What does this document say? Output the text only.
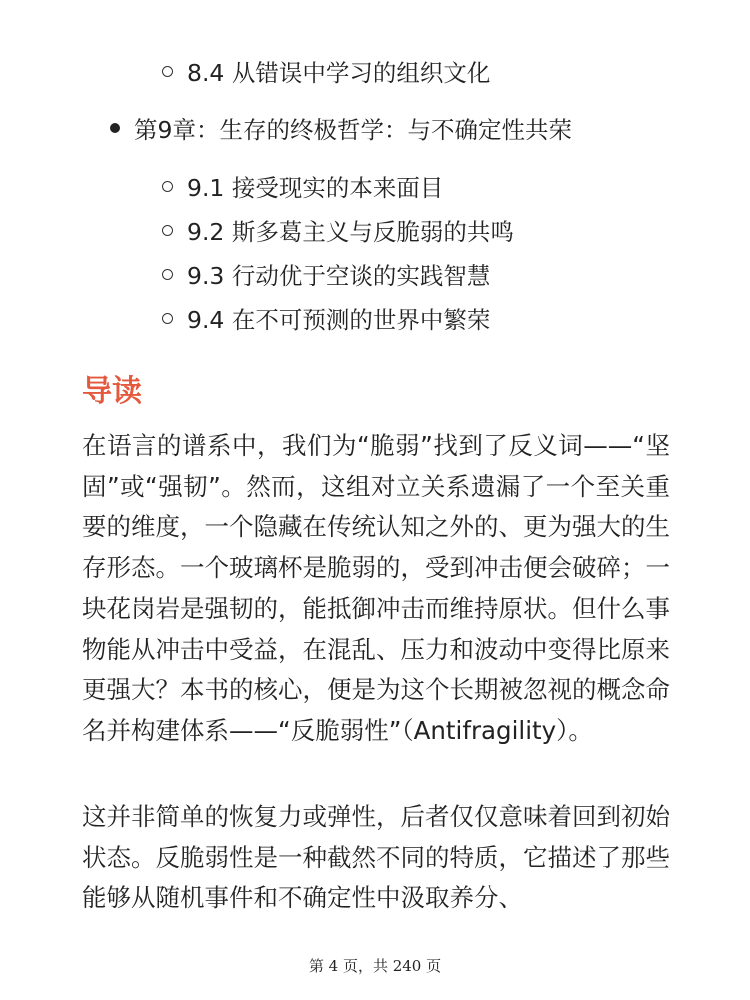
8.4 从错误中学习的组织文化
第9章：生存的终极哲学：与不确定性共荣
9.1 接受现实的本来面目
9.2 斯多葛主义与反脆弱的共鸣
9.3 行动优于空谈的实践智慧
9.4 在不可预测的世界中繁荣
导读

在语言的谱系中，我们为“脆弱”找到了反义词——“坚固”或“强韧”。然而，这组对立关系遗漏了一个至关重要的维度，一个隐藏在传统认知之外的、更为强大的生存形态。一个玻璃杯是脆弱的，受到冲击便会破碎；一块花岗岩是强韧的，能抵御冲击而维持原状。但什么事物能从冲击中受益，在混乱、压力和波动中变得比原来更强大？本书的核心，便是为这个长期被忽视的概念命名并构建体系——“反脆弱性”（Antifragility）。

这并非简单的恢复力或弹性，后者仅仅意味着回到初始状态。反脆弱性是一种截然不同的特质，它描述了那些能够从随机事件和不确定性中汲取养分、

第 4 页，共 240 页
